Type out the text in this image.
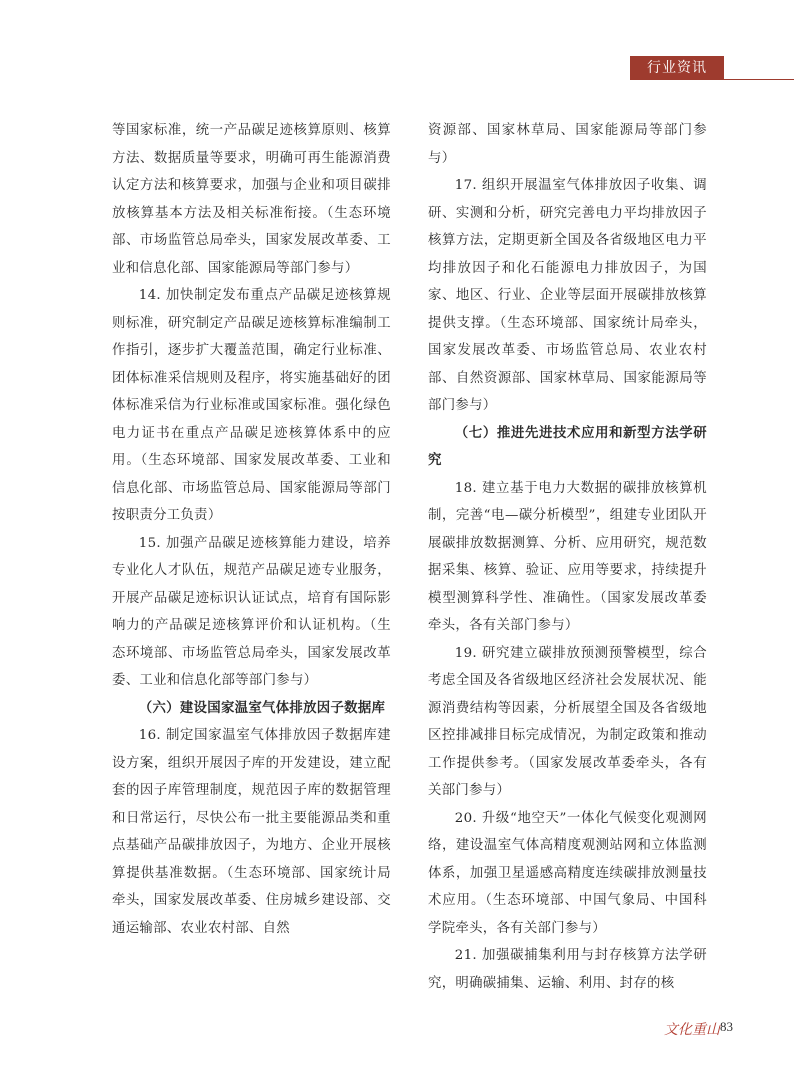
行业资讯

等国家标准，统一产品碳足迹核算原则、核算方法、数据质量等要求，明确可再生能源消费认定方法和核算要求，加强与企业和项目碳排放核算基本方法及相关标准衔接。（生态环境部、市场监管总局牵头，国家发展改革委、工业和信息化部、国家能源局等部门参与）

14. 加快制定发布重点产品碳足迹核算规则标准，研究制定产品碳足迹核算标准编制工作指引，逐步扩大覆盖范围，确定行业标准、团体标准采信规则及程序，将实施基础好的团体标准采信为行业标准或国家标准。强化绿色电力证书在重点产品碳足迹核算体系中的应用。（生态环境部、国家发展改革委、工业和信息化部、市场监管总局、国家能源局等部门按职责分工负责）

15. 加强产品碳足迹核算能力建设，培养专业化人才队伍，规范产品碳足迹专业服务，开展产品碳足迹标识认证试点，培育有国际影响力的产品碳足迹核算评价和认证机构。（生态环境部、市场监管总局牵头，国家发展改革委、工业和信息化部等部门参与）

（六）建设国家温室气体排放因子数据库

16. 制定国家温室气体排放因子数据库建设方案，组织开展因子库的开发建设，建立配套的因子库管理制度，规范因子库的数据管理和日常运行，尽快公布一批主要能源品类和重点基础产品碳排放因子，为地方、企业开展核算提供基准数据。（生态环境部、国家统计局牵头，国家发展改革委、住房城乡建设部、交通运输部、农业农村部、自然

资源部、国家林草局、国家能源局等部门参与）

17. 组织开展温室气体排放因子收集、调研、实测和分析，研究完善电力平均排放因子核算方法，定期更新全国及各省级地区电力平均排放因子和化石能源电力排放因子，为国家、地区、行业、企业等层面开展碳排放核算提供支撑。（生态环境部、国家统计局牵头，国家发展改革委、市场监管总局、农业农村部、自然资源部、国家林草局、国家能源局等部门参与）

（七）推进先进技术应用和新型方法学研究

18. 建立基于电力大数据的碳排放核算机制，完善“电—碳分析模型”，组建专业团队开展碳排放数据测算、分析、应用研究，规范数据采集、核算、验证、应用等要求，持续提升模型测算科学性、准确性。（国家发展改革委牵头，各有关部门参与）

19. 研究建立碳排放预测预警模型，综合考虑全国及各省级地区经济社会发展状况、能源消费结构等因素，分析展望全国及各省级地区控排减排目标完成情况，为制定政策和推动工作提供参考。（国家发展改革委牵头，各有关部门参与）

20. 升级“地空天”一体化气候变化观测网络，建设温室气体高精度观测站网和立体监测体系，加强卫星遥感高精度连续碳排放测量技术应用。（生态环境部、中国气象局、中国科学院牵头，各有关部门参与）

21. 加强碳捕集利用与封存核算方法学研究，明确碳捕集、运输、利用、封存的核

文化重山 83
